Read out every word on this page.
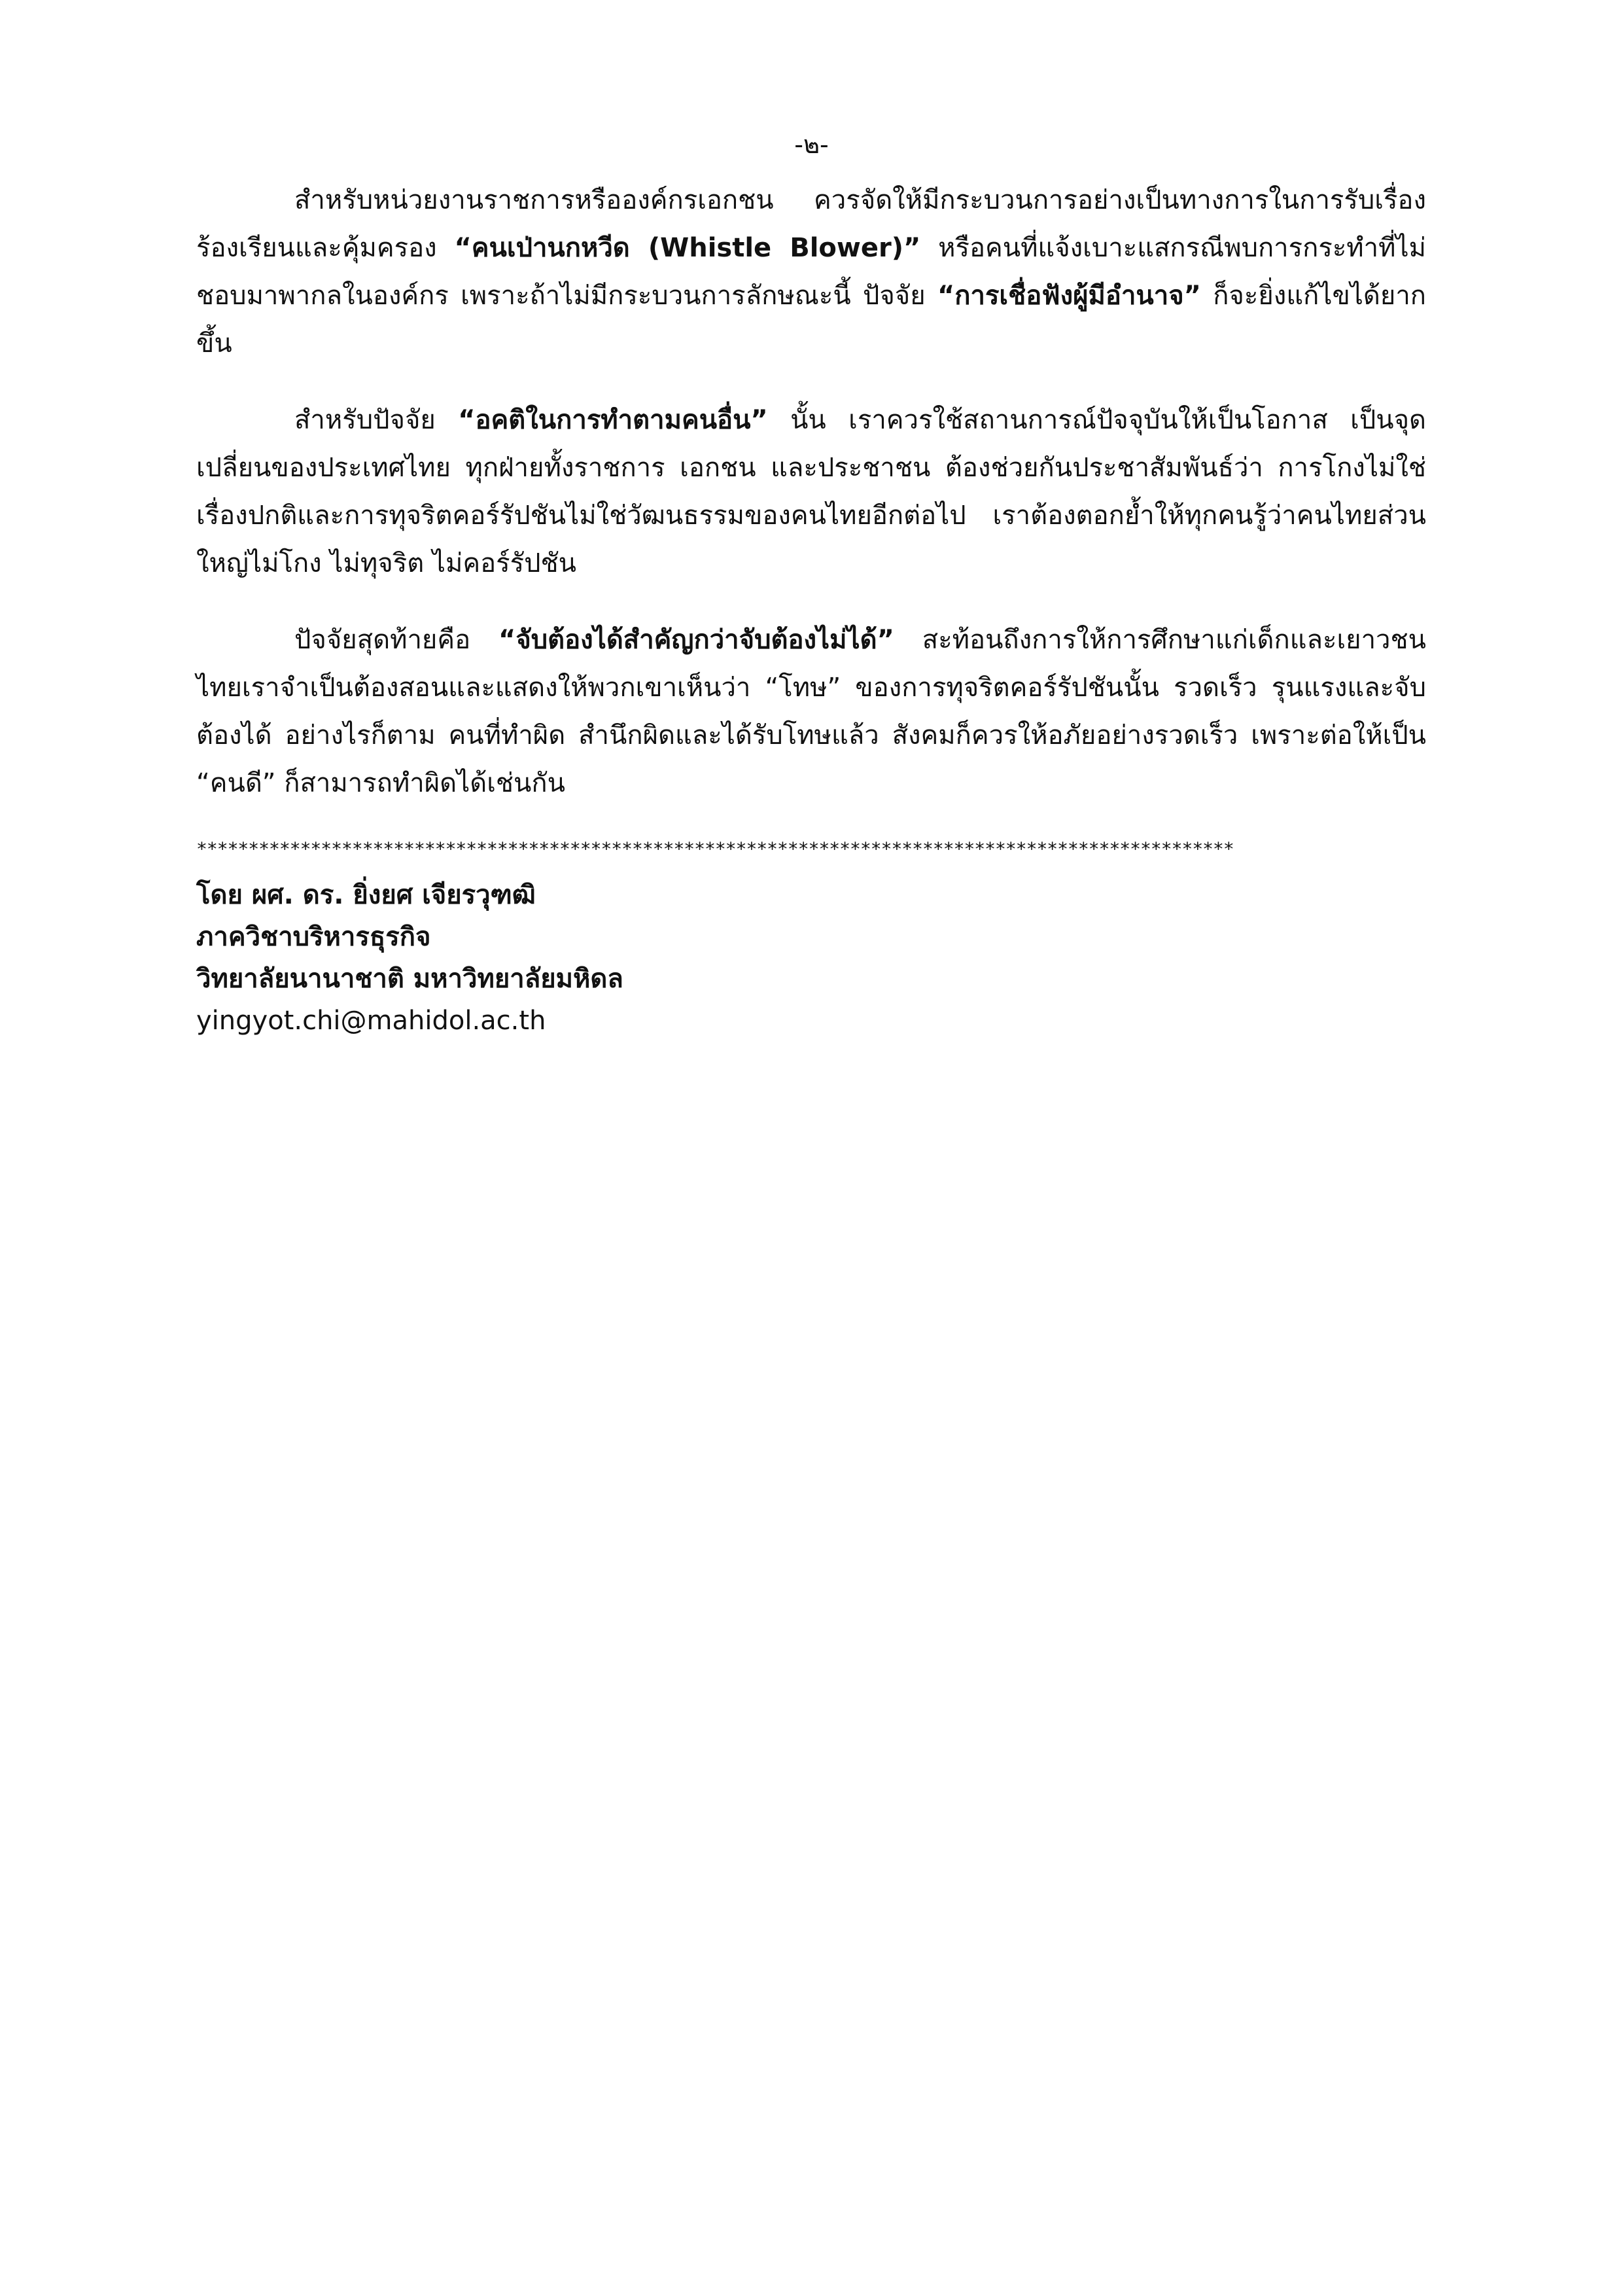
-๒-

สำหรับหน่วยงานราชการหรือองค์กรเอกชน ควรจัดให้มีกระบวนการอย่างเป็นทางการในการรับเรื่องร้องเรียนและคุ้มครอง “คนเป่านกหวีด (Whistle Blower)” หรือคนที่แจ้งเบาะแสกรณีพบการกระทำที่ไม่ชอบมาพากลในองค์กร เพราะถ้าไม่มีกระบวนการลักษณะนี้ ปัจจัย “การเชื่อฟังผู้มีอำนาจ” ก็จะยิ่งแก้ไขได้ยากขึ้น

สำหรับปัจจัย “อคติในการทำตามคนอื่น” นั้น เราควรใช้สถานการณ์ปัจจุบันให้เป็นโอกาส เป็นจุดเปลี่ยนของประเทศไทย ทุกฝ่ายทั้งราชการ เอกชน และประชาชน ต้องช่วยกันประชาสัมพันธ์ว่า การโกงไม่ใช่เรื่องปกติและการทุจริตคอร์รัปชันไม่ใช่วัฒนธรรมของคนไทยอีกต่อไป เราต้องตอกย้ำให้ทุกคนรู้ว่าคนไทยส่วนใหญ่ไม่โกง ไม่ทุจริต ไม่คอร์รัปชัน

ปัจจัยสุดท้ายคือ “จับต้องได้สำคัญกว่าจับต้องไม่ได้” สะท้อนถึงการให้การศึกษาแก่เด็กและเยาวชนไทยเราจำเป็นต้องสอนและแสดงให้พวกเขาเห็นว่า “โทษ” ของการทุจริตคอร์รัปชันนั้น รวดเร็ว รุนแรงและจับต้องได้ อย่างไรก็ตาม คนที่ทำผิด สำนึกผิดและได้รับโทษแล้ว สังคมก็ควรให้อภัยอย่างรวดเร็ว เพราะต่อให้เป็น “คนดี” ก็สามารถทำผิดได้เช่นกัน

****************************************************************************************************
โดย ผศ. ดร. ยิ่งยศ เจียรวุฑฒิ
ภาควิชาบริหารธุรกิจ
วิทยาลัยนานาชาติ มหาวิทยาลัยมหิดล
yingyot.chi@mahidol.ac.th
